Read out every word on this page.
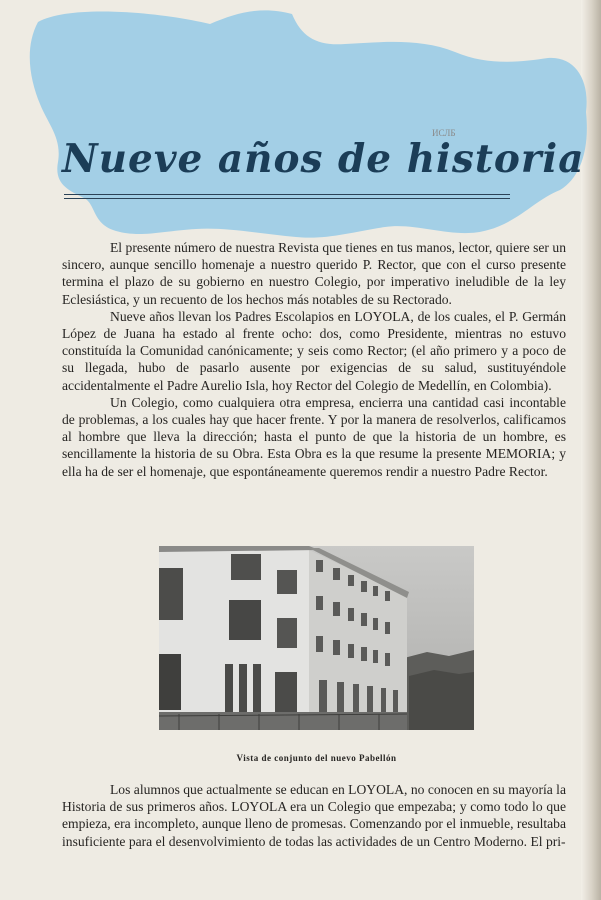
ИСЛБ
Nueve años de historia

El presente número de nuestra Revista que tienes en tus manos, lector, quiere ser un sincero, aunque sencillo homenaje a nuestro querido P. Rector, que con el curso presente termina el plazo de su gobierno en nuestro Colegio, por imperativo ineludible de la ley Eclesiástica, y un recuento de los hechos más notables de su Rectorado.

Nueve años llevan los Padres Escolapios en LOYOLA, de los cuales, el P. Germán López de Juana ha estado al frente ocho: dos, como Presidente, mientras no estuvo constituída la Comunidad canónicamente; y seis como Rector; (el año primero y a poco de su llegada, hubo de pasarlo ausente por exigencias de su salud, sustituyéndole accidentalmente el Padre Aurelio Isla, hoy Rector del Colegio de Medellín, en Colombia).

Un Colegio, como cualquiera otra empresa, encierra una cantidad casi incontable de problemas, a los cuales hay que hacer frente. Y por la manera de resolverlos, calificamos al hombre que lleva la dirección; hasta el punto de que la historia de un hombre, es sencillamente la historia de su Obra. Esta Obra es la que resume la presente MEMORIA; y ella ha de ser el homenaje, que espontáneamente queremos rendir a nuestro Padre Rector.

Vista de conjunto del nuevo Pabellón

Los alumnos que actualmente se educan en LOYOLA, no conocen en su mayoría la Historia de sus primeros años. LOYOLA era un Colegio que empezaba; y como todo lo que empieza, era incompleto, aunque lleno de promesas. Comenzando por el inmueble, resultaba insuficiente para el desenvolvimiento de todas las actividades de un Centro Moderno. El pri-
